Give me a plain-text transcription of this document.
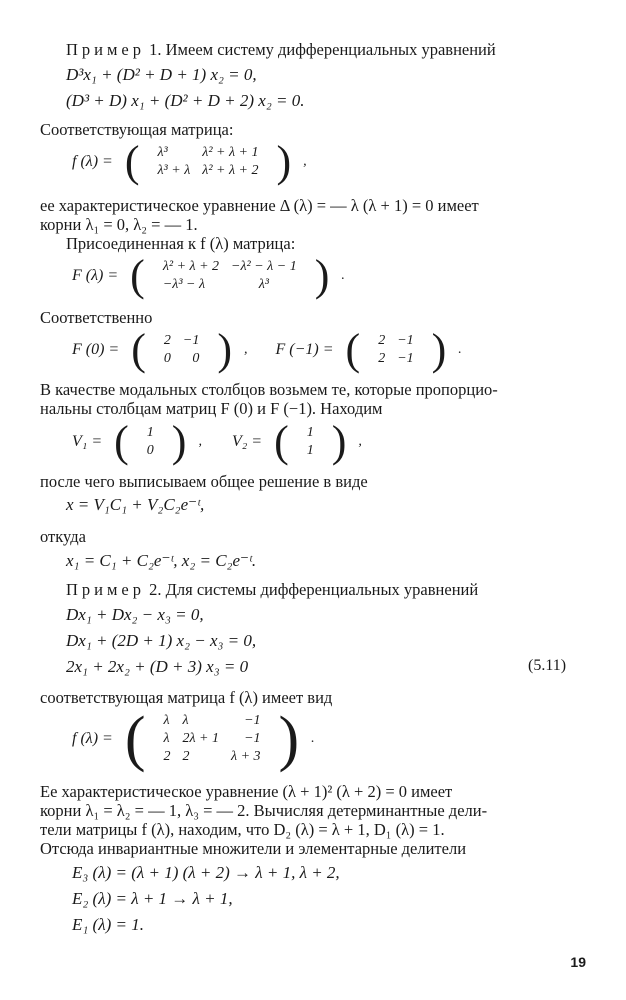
Пример 1. Имеем систему дифференциальных уравнений
D³x₁ + (D² + D + 1) x₂ = 0,
(D³ + D) x₁ + (D² + D + 2) x₂ = 0.
Соответствующая матрица:
f (λ) =	(	λ³	λ² + λ + 1
λ³ + λ	λ² + λ + 2
	)	,
ее характеристическое уравнение Δ (λ) = — λ (λ + 1) = 0 имеет
корни λ₁ = 0, λ₂ = — 1.
Присоединенная к f (λ) матрица:
F (λ) =	(	λ² + λ + 2	−λ² − λ − 1
−λ³ − λ	λ³
	)	.
Соответственно
F (0) =	(	2	−1
0	0
	)	,	F (−1) =	(	2	−1
2	−1
	)	.
В качестве модальных столбцов возьмем те, которые пропорцио-
нальны столбцам матриц F (0) и F (−1). Находим
V₁ =	(	1
0
	)	,	V₂ =	(	1
1
	)	,
после чего выписываем общее решение в виде
x = V₁C₁ + V₂C₂e⁻ᵗ,
откуда
x₁ = C₁ + C₂e⁻ᵗ, x₂ = C₂e⁻ᵗ.
Пример 2. Для системы дифференциальных уравнений
Dx₁ + Dx₂ − x₃ = 0,
Dx₁ + (2D + 1) x₂ − x₃ = 0,
2x₁ + 2x₂ + (D + 3) x₃ = 0	(5.11)
соответствующая матрица f (λ) имеет вид
f (λ) =	(	λ	λ	−1
λ	2λ + 1	−1
2	2	λ + 3
	)	.
Ее характеристическое уравнение (λ + 1)² (λ + 2) = 0 имеет
корни λ₁ = λ₂ = — 1, λ₃ = — 2. Вычисляя детерминантные дели-
тели матрицы f (λ), находим, что D₂ (λ) = λ + 1, D₁ (λ) = 1.
Отсюда инвариантные множители и элементарные делители
E₃ (λ) = (λ + 1) (λ + 2) → λ + 1, λ + 2,
E₂ (λ) = λ + 1 → λ + 1,
E₁ (λ) = 1.
19
